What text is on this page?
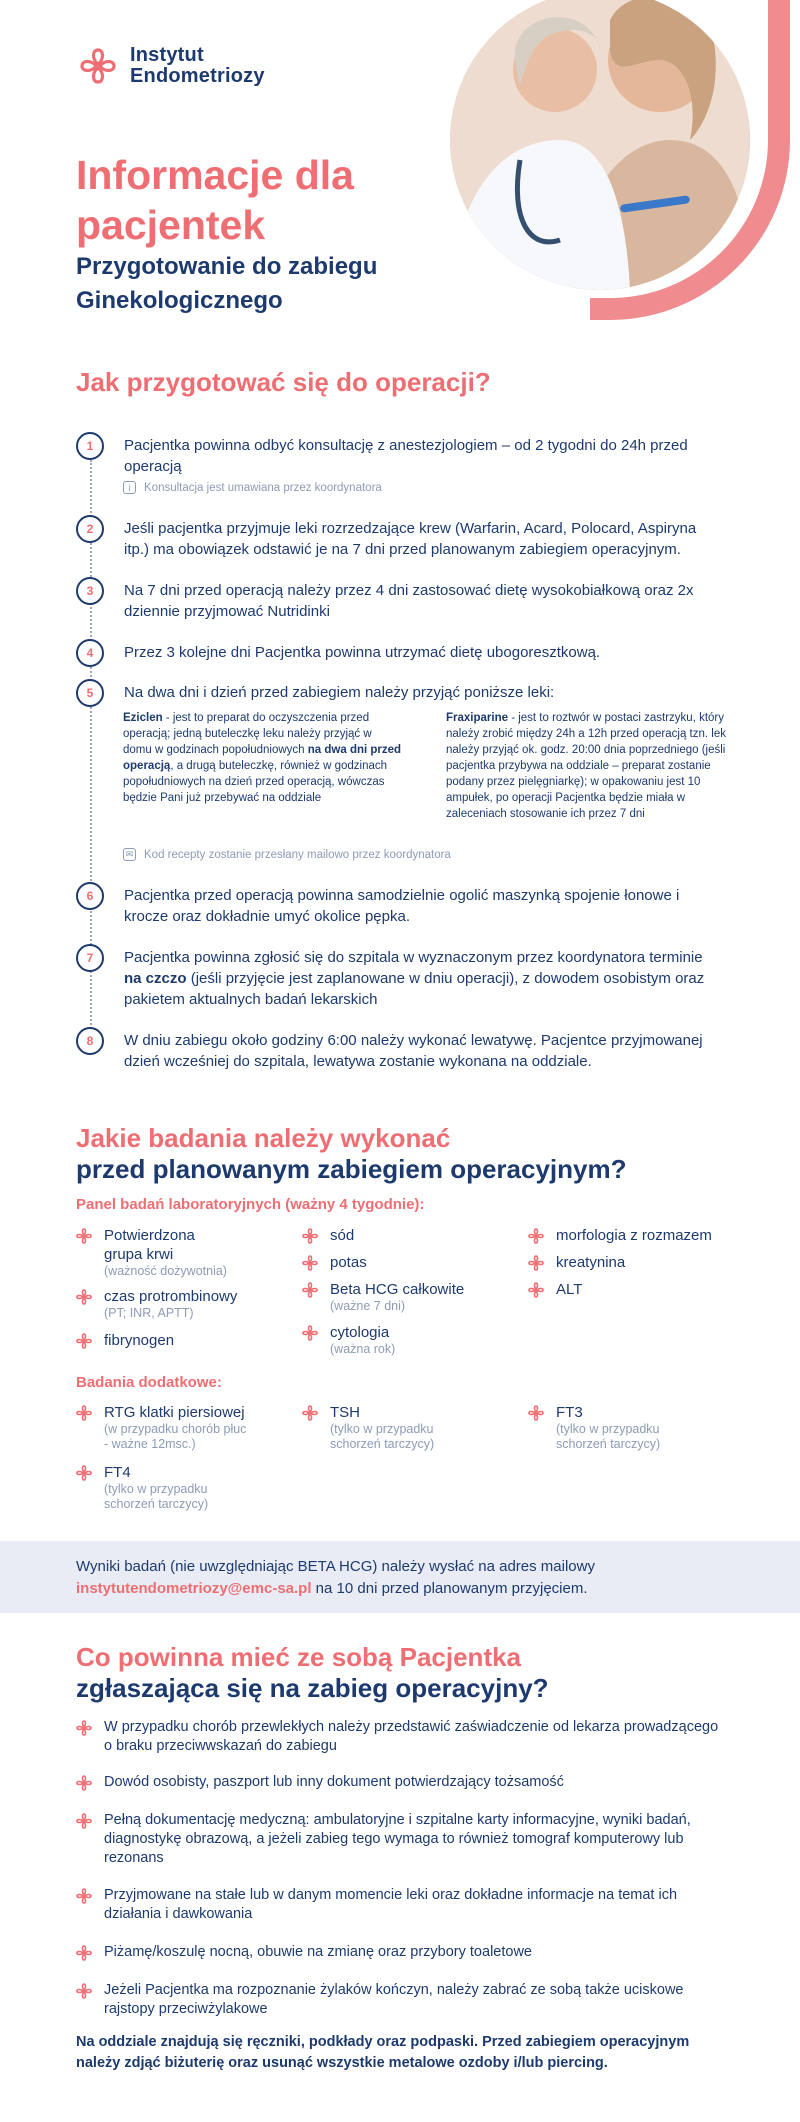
Instytut
Endometriozy
Informacje dla
pacjentek
Przygotowanie do zabiegu
Ginekologicznego
Jak przygotować się do operacji?
1	Pacjentka powinna odbyć konsultację z anestezjologiem – od 2 tygodni do 24h przed operacją
i	Konsultacja jest umawiana przez koordynatora
2	Jeśli pacjentka przyjmuje leki rozrzedzające krew (Warfarin, Acard, Polocard, Aspiryna itp.) ma obowiązek odstawić je na 7 dni przed planowanym zabiegiem operacyjnym.
3	Na 7 dni przed operacją należy przez 4 dni zastosować dietę wysokobiałkową oraz 2x dziennie przyjmować Nutridinki
4	Przez 3 kolejne dni Pacjentka powinna utrzymać dietę ubogoresztkową.
5	Na dwa dni i dzień przed zabiegiem należy przyjąć poniższe leki:
Eziclen - jest to preparat do oczyszczenia przed operacją; jedną buteleczkę leku należy przyjąć w domu w godzinach popołudniowych na dwa dni przed operacją, a drugą buteleczkę, również w godzinach popołudniowych na dzień przed operacją, wówczas będzie Pani już przebywać na oddziale
Fraxiparine - jest to roztwór w postaci zastrzyku, który należy zrobić między 24h a 12h przed operacją tzn. lek należy przyjąć ok. godz. 20:00 dnia poprzedniego (jeśli pacjentka przybywa na oddziale – preparat zostanie podany przez pielęgniarkę); w opakowaniu jest 10 ampułek, po operacji Pacjentka będzie miała w zaleceniach stosowanie ich przez 7 dni
✉ Kod recepty zostanie przesłany mailowo przez koordynatora
6	Pacjentka przed operacją powinna samodzielnie ogolić maszynką spojenie łonowe i krocze oraz dokładnie umyć okolice pępka.
7	Pacjentka powinna zgłosić się do szpitala w wyznaczonym przez koordynatora terminie na czczo (jeśli przyjęcie jest zaplanowane w dniu operacji), z dowodem osobistym oraz pakietem aktualnych badań lekarskich
8	W dniu zabiegu około godziny 6:00 należy wykonać lewatywę. Pacjentce przyjmowanej dzień wcześniej do szpitala, lewatywa zostanie wykonana na oddziale.
Jakie badania należy wykonać
przed planowanym zabiegiem operacyjnym?
Panel badań laboratoryjnych (ważny 4 tygodnie):
Potwierdzona
grupa krwi
(ważność dożywotnia)
czas protrombinowy
(PT; INR, APTT)
fibrynogen
sód
potas
Beta HCG całkowite
(ważne 7 dni)
cytologia
(ważna rok)
morfologia z rozmazem
kreatynina
ALT
Badania dodatkowe:
RTG klatki piersiowej
(w przypadku chorób płuc
- ważne 12msc.)
TSH
(tylko w przypadku
schorzeń tarczycy)
FT3
(tylko w przypadku
schorzeń tarczycy)
FT4
(tylko w przypadku
schorzeń tarczycy)
Wyniki badań (nie uwzględniając BETA HCG) należy wysłać na adres mailowy
instytutendometriozy@emc-sa.pl na 10 dni przed planowanym przyjęciem.
Co powinna mieć ze sobą Pacjentka
zgłaszająca się na zabieg operacyjny?
W przypadku chorób przewlekłych należy przedstawić zaświadczenie od lekarza prowadzącego o braku przeciwwskazań do zabiegu
Dowód osobisty, paszport lub inny dokument potwierdzający tożsamość
Pełną dokumentację medyczną: ambulatoryjne i szpitalne karty informacyjne, wyniki badań, diagnostykę obrazową, a jeżeli zabieg tego wymaga to również tomograf komputerowy lub rezonans
Przyjmowane na stałe lub w danym momencie leki oraz dokładne informacje na temat ich działania i dawkowania
Piżamę/koszulę nocną, obuwie na zmianę oraz przybory toaletowe
Jeżeli Pacjentka ma rozpoznanie żylaków kończyn, należy zabrać ze sobą także uciskowe rajstopy przeciwżylakowe
Na oddziale znajdują się ręczniki, podkłady oraz podpaski. Przed zabiegiem operacyjnym należy zdjąć biżuterię oraz usunąć wszystkie metalowe ozdoby i/lub piercing.
